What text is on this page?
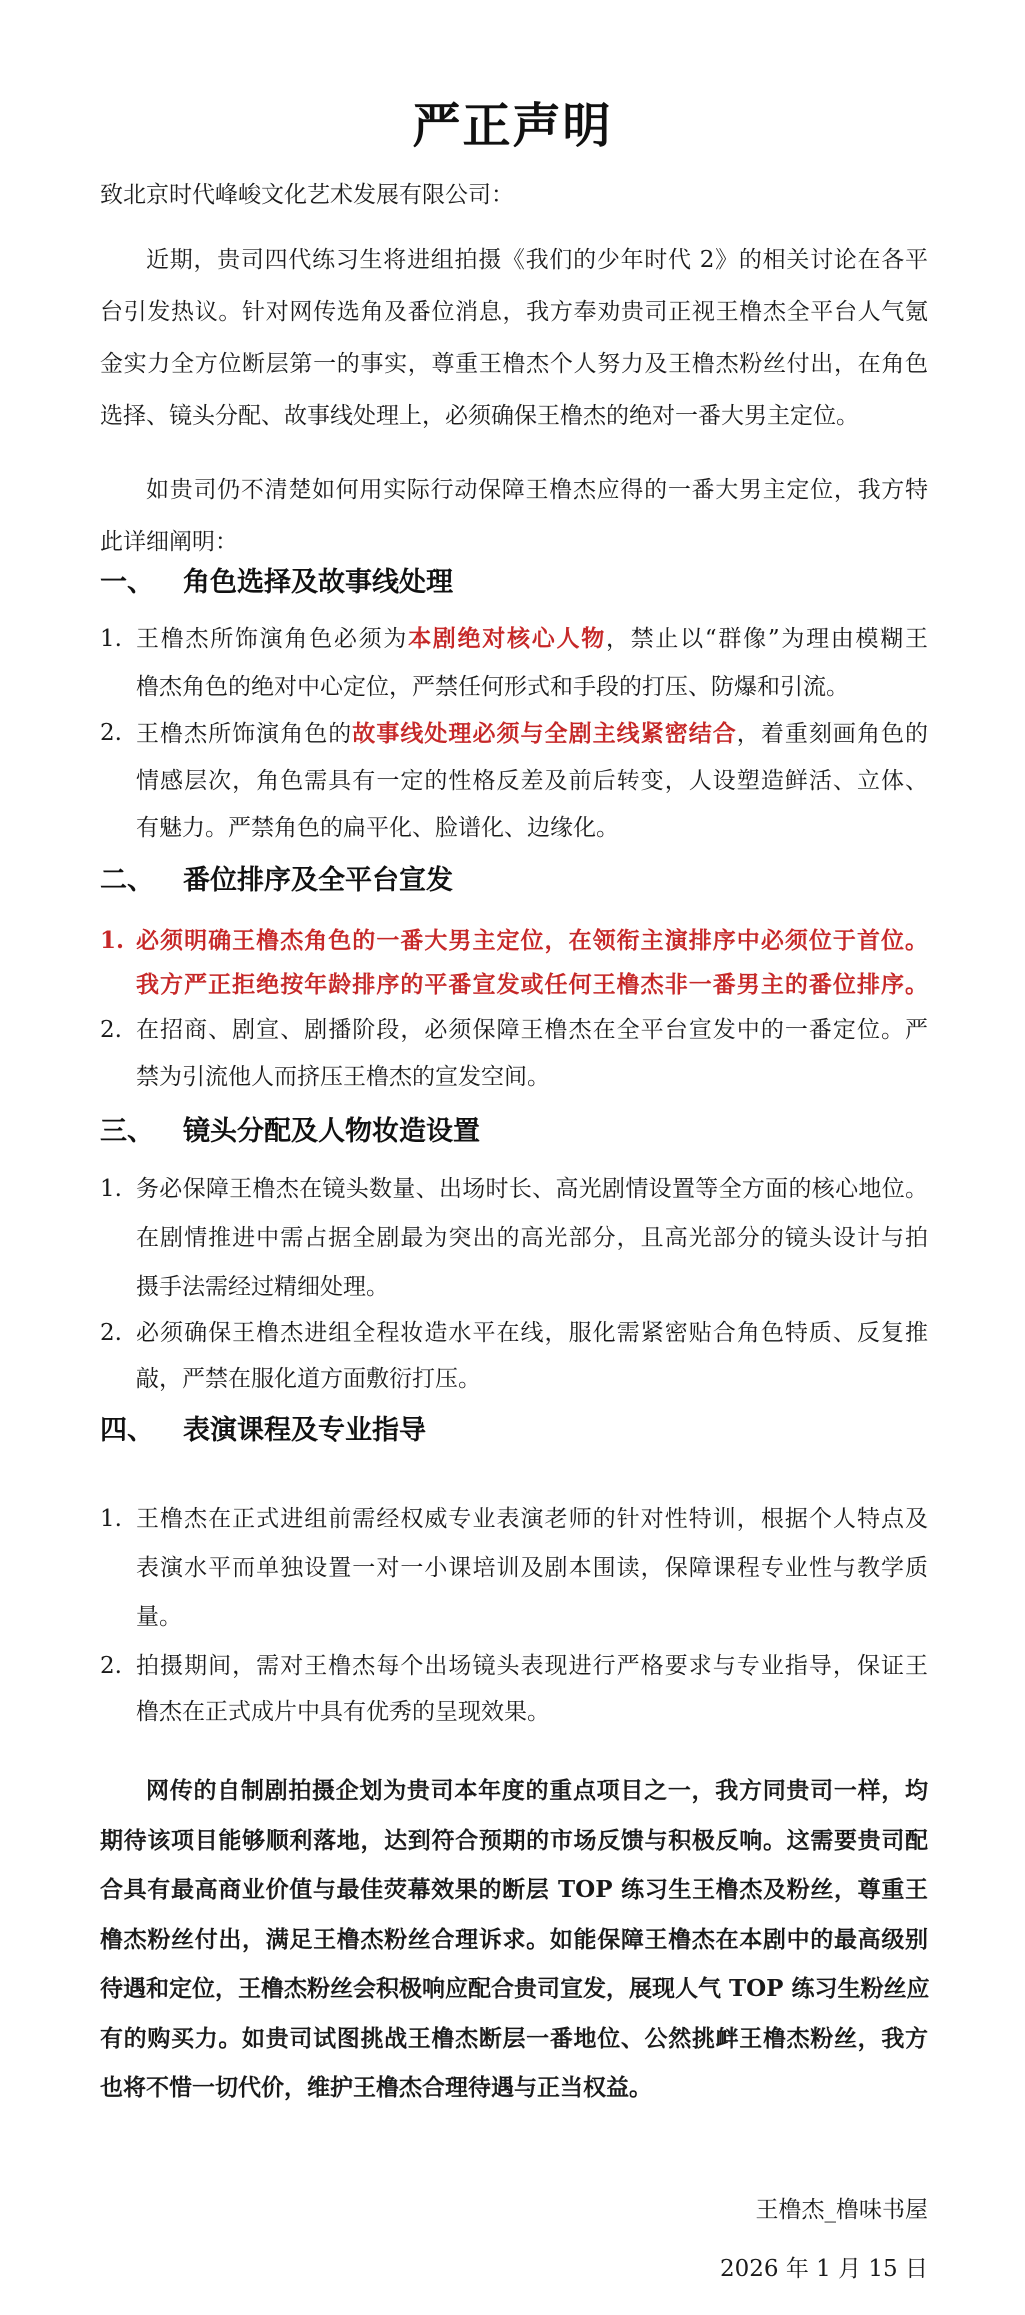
严正声明
致北京时代峰峻文化艺术发展有限公司：
近期，贵司四代练习生将进组拍摄《我们的少年时代 2》的相关讨论在各平
台引发热议。针对网传选角及番位消息，我方奉劝贵司正视王橹杰全平台人气氪
金实力全方位断层第一的事实，尊重王橹杰个人努力及王橹杰粉丝付出，在角色
选择、镜头分配、故事线处理上，必须确保王橹杰的绝对一番大男主定位。
如贵司仍不清楚如何用实际行动保障王橹杰应得的一番大男主定位，我方特
此详细阐明：
一、 角色选择及故事线处理
1. 王橹杰所饰演角色必须为本剧绝对核心人物，禁止以“群像”为理由模糊王
橹杰角色的绝对中心定位，严禁任何形式和手段的打压、防爆和引流。
2. 王橹杰所饰演角色的故事线处理必须与全剧主线紧密结合，着重刻画角色的
情感层次，角色需具有一定的性格反差及前后转变，人设塑造鲜活、立体、
有魅力。严禁角色的扁平化、脸谱化、边缘化。
二、 番位排序及全平台宣发
1. 必须明确王橹杰角色的一番大男主定位，在领衔主演排序中必须位于首位。
我方严正拒绝按年龄排序的平番宣发或任何王橹杰非一番男主的番位排序。
2. 在招商、剧宣、剧播阶段，必须保障王橹杰在全平台宣发中的一番定位。严
禁为引流他人而挤压王橹杰的宣发空间。
三、 镜头分配及人物妆造设置
1. 务必保障王橹杰在镜头数量、出场时长、高光剧情设置等全方面的核心地位。
在剧情推进中需占据全剧最为突出的高光部分，且高光部分的镜头设计与拍
摄手法需经过精细处理。
2. 必须确保王橹杰进组全程妆造水平在线，服化需紧密贴合角色特质、反复推
敲，严禁在服化道方面敷衍打压。
四、 表演课程及专业指导
1. 王橹杰在正式进组前需经权威专业表演老师的针对性特训，根据个人特点及
表演水平而单独设置一对一小课培训及剧本围读，保障课程专业性与教学质
量。
2. 拍摄期间，需对王橹杰每个出场镜头表现进行严格要求与专业指导，保证王
橹杰在正式成片中具有优秀的呈现效果。
网传的自制剧拍摄企划为贵司本年度的重点项目之一，我方同贵司一样，均
期待该项目能够顺利落地，达到符合预期的市场反馈与积极反响。这需要贵司配
合具有最高商业价值与最佳荧幕效果的断层 TOP 练习生王橹杰及粉丝，尊重王
橹杰粉丝付出，满足王橹杰粉丝合理诉求。如能保障王橹杰在本剧中的最高级别
待遇和定位，王橹杰粉丝会积极响应配合贵司宣发，展现人气 TOP 练习生粉丝应
有的购买力。如贵司试图挑战王橹杰断层一番地位、公然挑衅王橹杰粉丝，我方
也将不惜一切代价，维护王橹杰合理待遇与正当权益。
王橹杰_橹味书屋
2026 年 1 月 15 日
